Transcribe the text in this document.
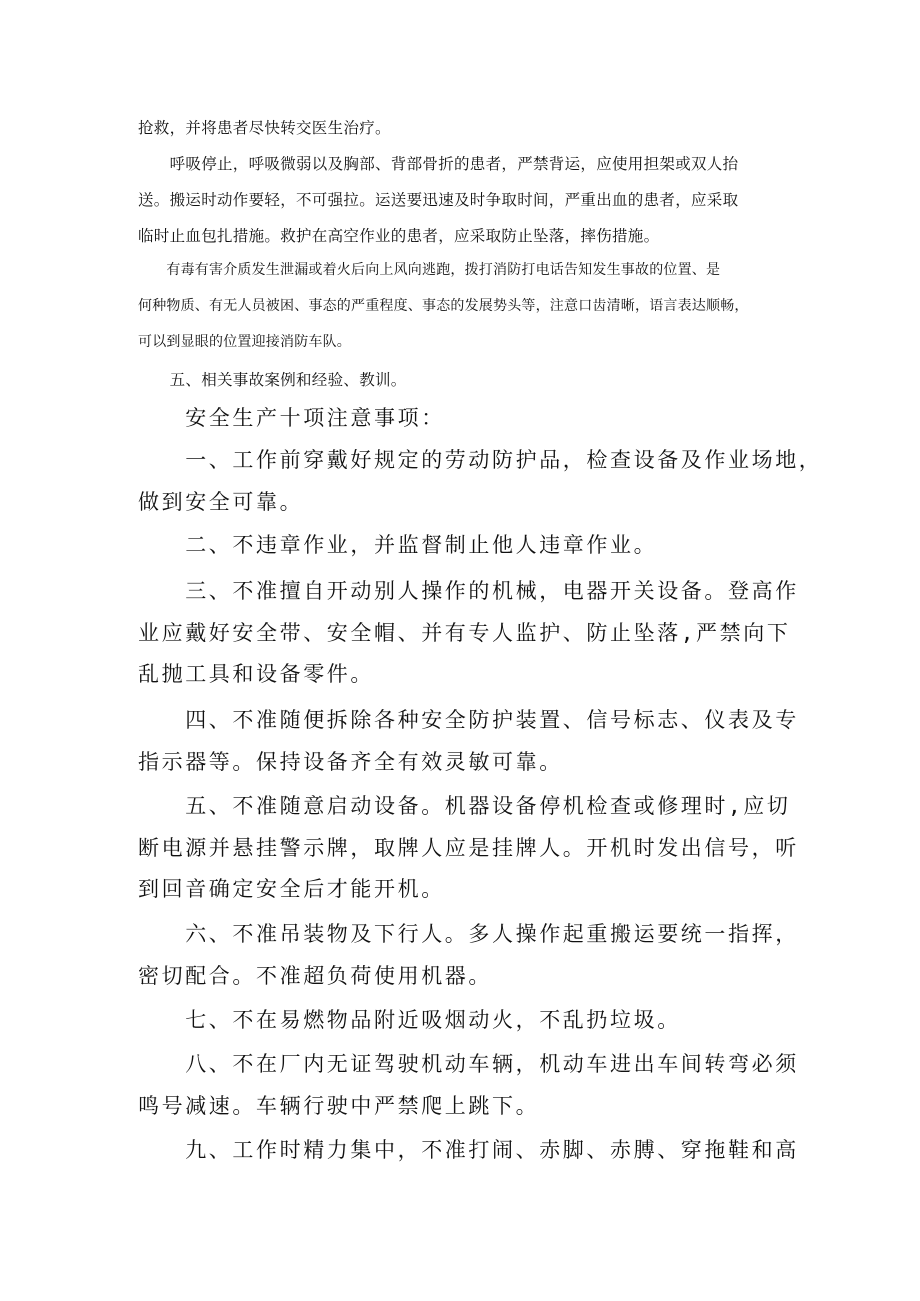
抢救，并将患者尽快转交医生治疗。

　　呼吸停止，呼吸微弱以及胸部、背部骨折的患者，严禁背运，应使用担架或双人抬
送。搬运时动作要轻，不可强拉。运送要迅速及时争取时间，严重出血的患者，应采取
临时止血包扎措施。救护在高空作业的患者，应采取防止坠落，摔伤措施。

　　有毒有害介质发生泄漏或着火后向上风向逃跑，拨打消防打电话告知发生事故的位置、是
何种物质、有无人员被困、事态的严重程度、事态的发展势头等，注意口齿清晰，语言表达顺畅，
可以到显眼的位置迎接消防车队。

　　五、相关事故案例和经验、教训。

　　安全生产十项注意事项：

　　一、工作前穿戴好规定的劳动防护品，检查设备及作业场地，
做到安全可靠。

　　二、不违章作业，并监督制止他人违章作业。

　　三、不准擅自开动别人操作的机械，电器开关设备。登高作
业应戴好安全带、安全帽、并有专人监护、防止坠落,严禁向下
乱抛工具和设备零件。

　　四、不准随便拆除各种安全防护装置、信号标志、仪表及专
指示器等。保持设备齐全有效灵敏可靠。

　　五、不准随意启动设备。机器设备停机检查或修理时,应切
断电源并悬挂警示牌，取牌人应是挂牌人。开机时发出信号，听
到回音确定安全后才能开机。

　　六、不准吊装物及下行人。多人操作起重搬运要统一指挥，
密切配合。不准超负荷使用机器。

　　七、不在易燃物品附近吸烟动火，不乱扔垃圾。

　　八、不在厂内无证驾驶机动车辆，机动车进出车间转弯必须
鸣号减速。车辆行驶中严禁爬上跳下。

　　九、工作时精力集中，不准打闹、赤脚、赤膊、穿拖鞋和高
